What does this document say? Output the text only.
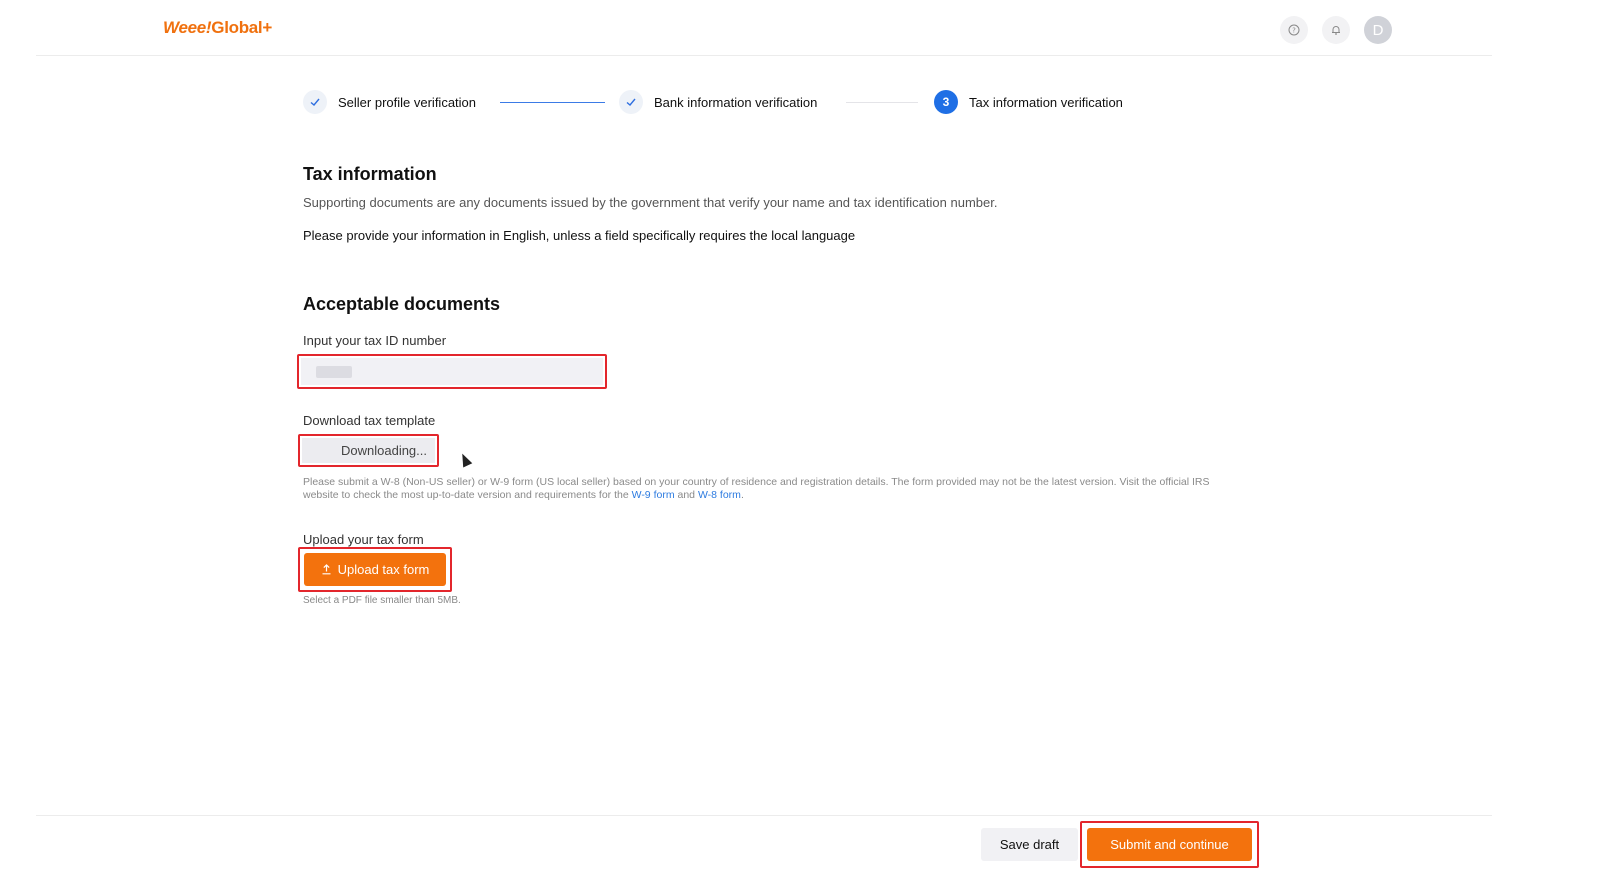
Weee!Global+	?	D
Seller profile verification	Bank information verification	3	Tax information verification
Tax information
Supporting documents are any documents issued by the government that verify your name and tax identification number.
Please provide your information in English, unless a field specifically requires the local language
Acceptable documents
Input your tax ID number
Download tax template
Upload your tax form
Downloading...
Please submit a W-8 (Non-US seller) or W-9 form (US local seller) based on your country of residence and registration details. The form provided may not be the latest version. Visit the official IRS website to check the most up-to-date version and requirements for the W-9 form and W-8 form.
Upload tax form
Select a PDF file smaller than 5MB.
Save draft	Submit and continue
